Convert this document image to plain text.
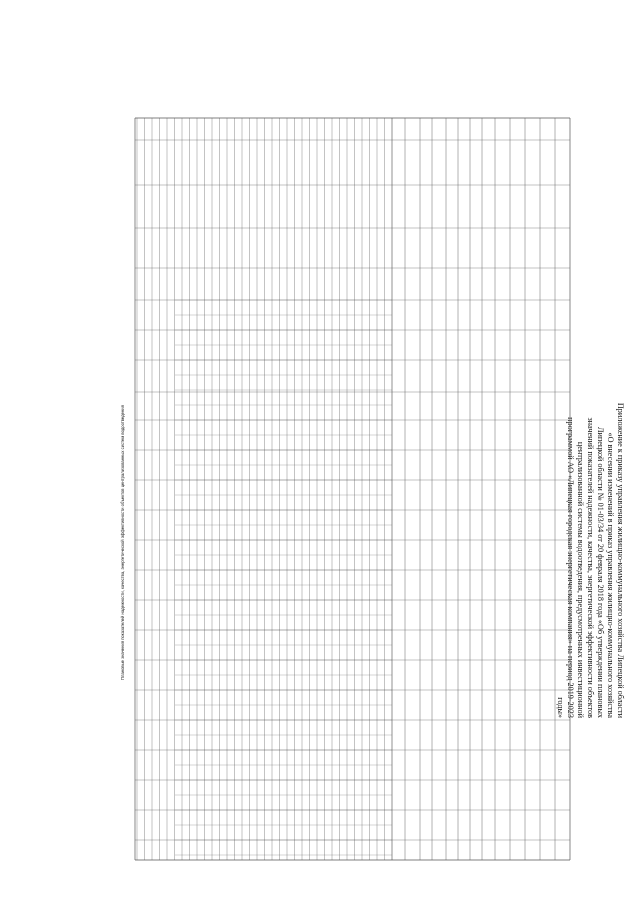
Приложение к приказу управления жилищно-коммунального хозяйства Липецкой области
«О внесении изменений в приказ управления жилищно-коммунального хозяйства
Липецкой области № 01-03/34 от 20 февраля 2018 года «Об утверждении плановых
значений показателей надежности, качества, энергетической эффективности объектов
централизованной системы водоотведения, предусмотренных инвестиционной
программой АО «Липецкая городская энергетическая компания» на период 2019-2023
годы»
Плановые значения показателей надежности, качества, энергетической эффективности объектов централизованных систем водоотведения
